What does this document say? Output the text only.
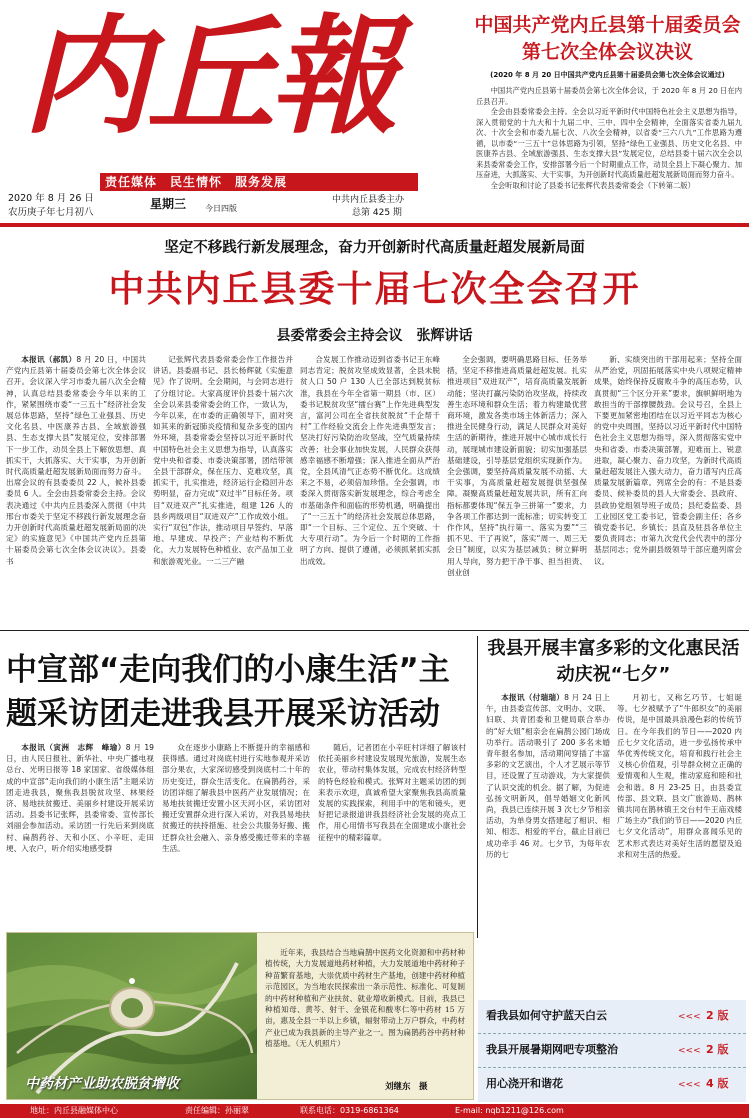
内丘報
责任媒体　民生情怀　服务发展
2020 年 8 月 26 日
农历庚子年七月初八
星期三 今日四版
中共内丘县委主办
总第 425 期
中国共产党内丘县第十届委员会第七次全体会议决议
(2020 年 8 月 20 日中国共产党内丘县第十届委员会第七次全体会议通过)

中国共产党内丘县第十届委员会第七次全体会议，于 2020 年 8 月 20 日在内丘县召开。

全会由县委常委会主持。全会以习近平新时代中国特色社会主义思想为指导，深入贯彻党的十九大和十九届二中、三中、四中全会精神，全面落实省委九届九次、十次全会和市委九届七次、八次全会精神，以省委“三六八九”工作思路为遵循，以市委“一三五十”总体思路为引领，坚持“绿色工业强县、历史文化名县、中医康养古县、全域旅游强县、生态支撑大县”发展定位，总结县委十届六次全会以来县委常委会工作，安排部署今后一个时期重点工作，动员全县上下凝心聚力、加压奋进，大抓落实、大干实事，为开创新时代高质量赶超发展新局面而努力奋斗。

全会听取和讨论了县委书记张辉代表县委常委会（下转第二版）

坚定不移践行新发展理念，奋力开创新时代高质量赶超发展新局面
中共内丘县委十届七次全会召开
县委常委会主持会议　张辉讲话
本报讯（郝凯）8 月 20 日，中国共产党内丘县第十届委员会第七次全体会议召开。会议深入学习市委九届八次全会精神，认真总结县委常委会今年以来的工作，紧紧围绕市委“一三五十”经济社会发展总体思路，坚持“绿色工业强县、历史文化名县、中医康养古县、全域旅游强县、生态支撑大县”发展定位，安排部署下一步工作，动员全县上下解放思想、真抓实干，大抓落实、大干实事，为开创新时代高质量赶超发展新局面而努力奋斗。出席会议的有县委委员 22 人，候补县委委员 6 人。全会由县委常委会主持。会议表决通过《中共内丘县委深入贯彻《中共邢台市委关于坚定不移践行新发展理念奋力开创新时代高质量赶超发展新局面的决定》的实施意见》《中国共产党内丘县第十届委员会第七次全体会议决议》。县委书
记张辉代表县委常委会作工作报告并讲话。县委副书记、县长杨辉就《实施意见》作了说明。全会期间，与会同志进行了分组讨论。大家高度评价县委十届六次全会以来县委常委会的工作，一致认为，今年以来，在市委的正确领导下，面对突如其来的新冠肺炎疫情和复杂多变的国内外环境，县委常委会坚持以习近平新时代中国特色社会主义思想为指导，认真落实党中央和省委、市委决策部署，团结带领全县干部群众，保在压力、克难攻坚，真抓实干，扎实推进，经济运行企稳回升态势明显，奋力完成“双过半”目标任务。项目“双进双产”扎实推进，组建 126 人的县乡两级项目“双进双产”工作成效小组。实行“双包”作法，推动项目早签约、早落地、早建成、早投产；产业结构不断优化，大力发展特色种植业、农产品加工业和旅游观光业。一二三产融
合发展工作推动迈到省委书记王东峰同志肯定；脱贫攻坚成效显著，全县未脱贫人口 50 户 130 人已全部达到脱贫标准，我县在今年全省第一期县（市、区）委书记脱贫攻坚“擂台赛”上作先进典型发言，富河公司在全省扶贫脱贫“千企帮千村”工作经验交流会上作先进典型发言；坚决打好污染防治攻坚战，空气质量持续改善；社会事业加快发展，人民群众获得感幸福感不断增强；深入推进全面从严治党，全县风清气正态势不断优化。这成绩来之不易，必须倍加珍惜。全会强调，市委深入贯彻落实新发展理念，综合考虑全市基础条件和面临的形势机遇，明确提出了“一三五十”的经济社会发展总体思路，即“一个目标、三个定位、五个突破、十大专项行动”。为今后一个时期的工作指明了方向、提供了遵循，必须抓紧抓实抓出成效。
全会强调，要明确思路目标、任务举措，坚定不移推进高质量赶超发展。扎实推进项目“双进双产”，培育高质量发展新动能；坚决打赢污染防治攻坚战，持续改善生态环境和群众生活；着力构建最优营商环境，激发各类市场主体新活力；深入推进全民健身行动，满足人民群众对美好生活的新期待，推进开展中心城市成长行动，展现城市建设新面貌；切实加强基层基础建设，引导基层党组织实现新作为。全会强调，要坚持高质量发展不动摇、大干实事，为高质量赶超发展提供坚强保障。凝聚高质量赶超发展共识，所有汇向指标都要体现“保五争三拼第一”要求，力争各项工作都达到一流标准；切实转变工作作风，坚持“执行第一、落实为要”“三抓不见、干了再说”，落实“周一、周三无会日”制度，以实为基层减负；树立鲜明用人导向，努力把干净干事、担当担责、创业创
新、实绩突出的干部用起来；坚持全面从严治党，巩固拓展落实中央八项规定精神成果，始终保持反腐败斗争的高压态势，认真贯彻“三个区分开来”要求，旗帜鲜明地为敢担当的干部撑腰鼓劲。会议号召，全县上下要更加紧密地团结在以习近平同志为核心的党中央周围，坚持以习近平新时代中国特色社会主义思想为指导，深入贯彻落实党中央和省委、市委决策部署，迎难而上、锐意进取，凝心聚力、奋力攻坚，为新时代高质量赶超发展注入强大动力，奋力谱写内丘高质量发展新篇章。列席全会的有：不是县委委员、候补委员的县人大常委会、县政府、县政协党组领导班子成员；县纪委监委、县工业园区党工委书记，管委会副主任；各乡镇党委书记、乡镇长；县直及驻县各单位主要负责同志；市第九次党代会代表中的部分基层同志；党外副县级领导干部应邀列席会议。
中宣部“走向我们的小康生活”主题采访团走进我县开展采访活动
本报讯（寅洲　志辉　峰瑜）8 月 19 日，由人民日报社、新华社、中央广播电视总台、光明日报等 18 家国家、省级媒体组成的中宣部“走向我们的小康生活”主题采访团走进我县，聚焦我县脱贫攻坚、林果经济、易地扶贫搬迁、美丽乡村建设开展采访活动。县委书记张辉，县委常委、宣传部长刘丽会参加活动。采访团一行先后来到岗底村、扁鹊药谷、天和小区、小辛旺、走田埂、入农户，听介绍实地感受群
众在逐步小康路上不断提升的幸福感和获得感。通过对岗底村进行实地参观并采访部分果农，大家深切感受到岗底村二十年的历史变迁，群众生活变化。在扁鹊药谷，采访团详细了解我县中医药产业发展情况；在易地扶贫搬迁安置小区天河小区，采访团对搬迁安置群众进行深入采访，对我县易地扶贫搬迁的扶持措施、社会公共服务好搬、搬迁群众社会融入、亲身感受搬迁带来的幸福生活。
随后，记者团在小辛旺村详细了解该村依托美丽乡村建设发展现光旅游，发展生态农业，带动村集体发展，完成农村经济转型的特色经验和模式。张辉对主题采访团的到来表示欢迎，真诚希望大家聚焦我县高质量发展的实践探索，利用手中的笔和镜头，更好把记录报道讲我县经济社会发展的亮点工作，用心用情书写我县在全面建成小康社会征程中的精彩篇章。
我县开展丰富多彩的文化惠民活动庆祝“七夕”
本报讯（付瑞瑞）8 月 24 日上午，由县委宣传部、文明办、文联、妇联、共青团委和卫健局联合举办的“好大姐”相亲会在扁鹊公园门场成功举行。活动吸引了 200 多名未婚青年报名参加，活动期间穿插了丰富多彩的文艺演出，个人才艺展示等节目，还设置了互动游戏，为大家提供了认识交流的机会。据了解，为促进弘扬文明新风，倡导婚姻文化新风尚，我县已连续开展 3 次七夕节相亲活动，为单身男女搭建起了相识、相知、相恋、相爱的平台，截止目前已成功牵手 46 对。七夕节，为每年农历的七
月初七，又称乞巧节、七姐诞等。七夕被赋予了“牛郎织女”的美丽传说，是中国最具浪漫色彩的传统节日。在今年我们的节日——2020 内丘七夕文化活动，进一步弘扬传承中华优秀传统文化，培育和践行社会主义核心价值观，引导群众树立正确的爱情观和人生观，推动家庭和睦和社会和谐。8 月 23-25 日，由县委宣传部、县文联、县文广旅游局、鹊林镇共同在鹊林镇王交台村牛王庙戏楼广场主办“我们的节日——2020 内丘七夕文化活动”，用群众喜闻乐见的艺术形式表达对美好生活的愿望及追求和对生活的热爱。
中药材产业助农脱贫增收
近年来，我县结合当地扁鹊中医药文化资源和中药材种植传统，大力发展道地药材种植，大力发展道地中药材种子种苗繁育基地，大崇优质中药材生产基地，创建中药材种植示范园区，为当地农民探索出一条示范性、标准化、可复制的中药材种植和产业扶贫、就业增收新模式。目前，我县已种植知母、黄芩、射干、金银花和酸枣仁等中药材 15 万亩，惠及全县一半以上乡镇，辐射带动上万户群众，中药材产业已成为我县新的主导产业之一。图为扁鹊药谷中药材种植基地。（无人机照片）
刘继东　摄
看我县如何守护蓝天白云	<<< 2 版
我县开展暑期网吧专项整治	<<< 2 版
用心浇开和谐花	<<< 4 版
地址：内丘县融媒体中心	责任编辑：孙丽翠	联系电话：0319-6861364	E-mail: nqb1211@126.com
